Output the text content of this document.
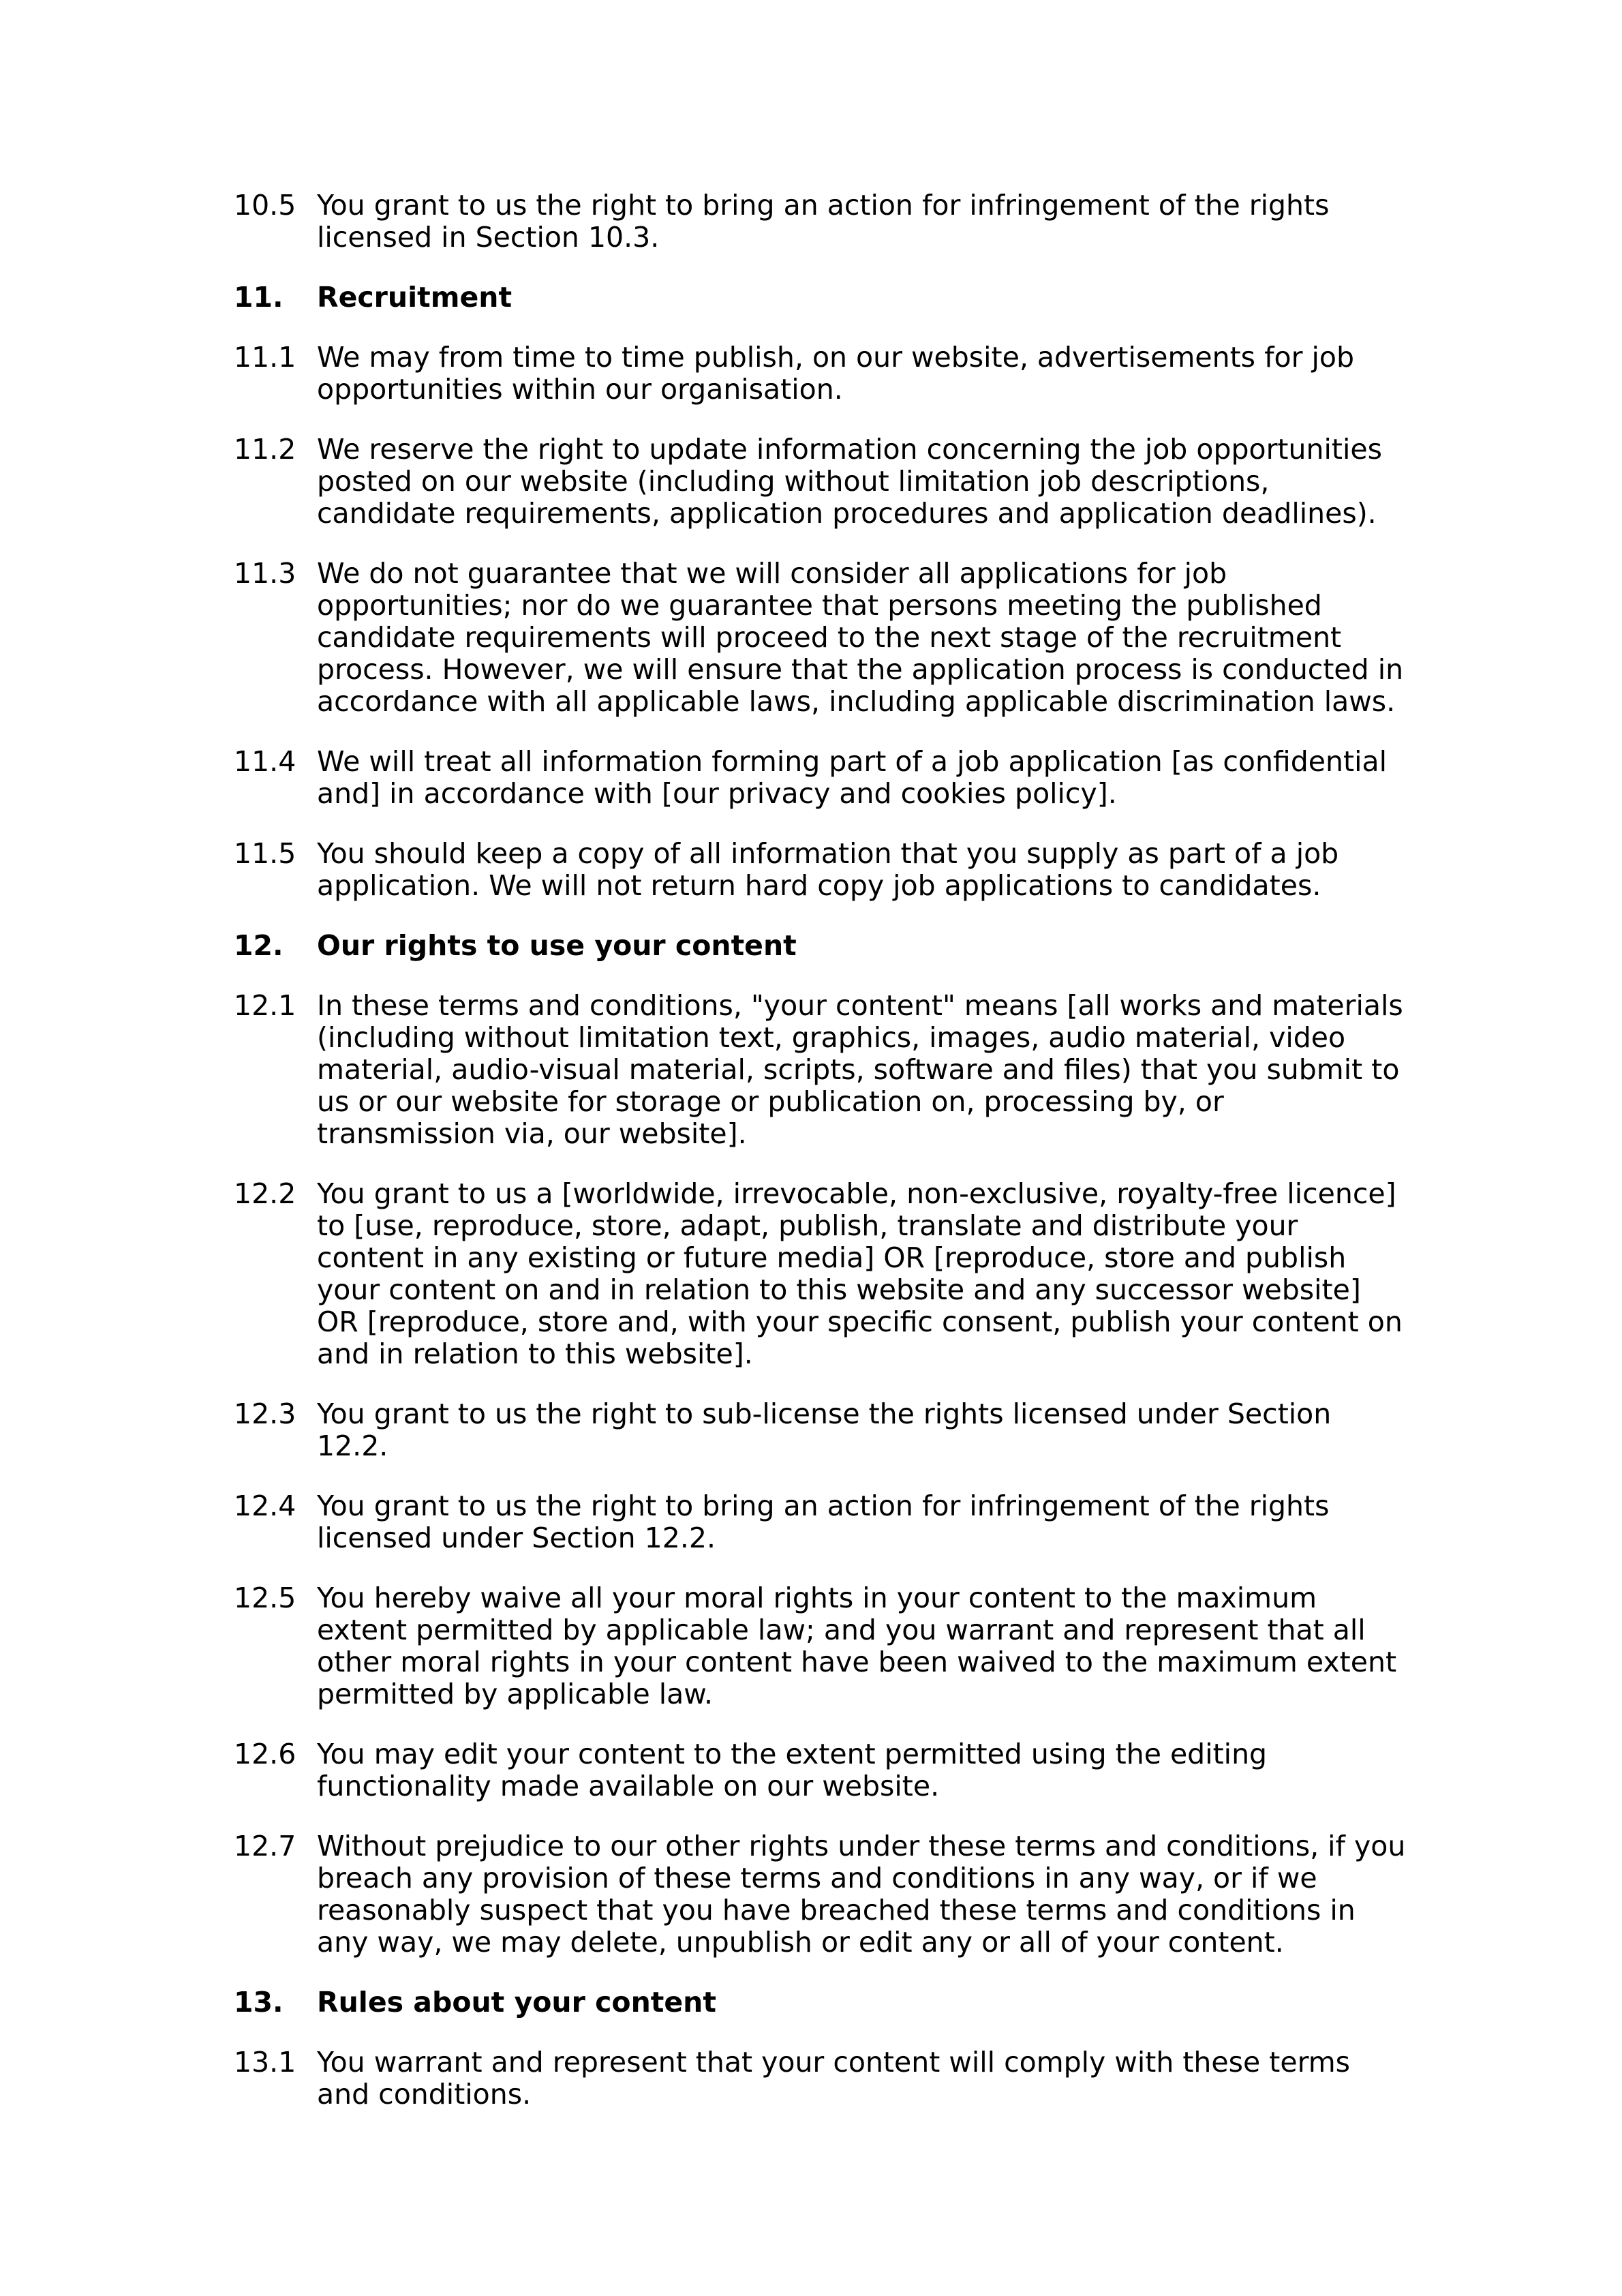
10.5 You grant to us the right to bring an action for infringement of the rights licensed in Section 10.3.
11.	Recruitment
11.1 We may from time to time publish, on our website, advertisements for job opportunities within our organisation.
11.2 We reserve the right to update information concerning the job opportunities posted on our website (including without limitation job descriptions, candidate requirements, application procedures and application deadlines).
11.3 We do not guarantee that we will consider all applications for job opportunities; nor do we guarantee that persons meeting the published candidate requirements will proceed to the next stage of the recruitment process. However, we will ensure that the application process is conducted in accordance with all applicable laws, including applicable discrimination laws.
11.4 We will treat all information forming part of a job application [as confidential and] in accordance with [our privacy and cookies policy].
11.5 You should keep a copy of all information that you supply as part of a job application. We will not return hard copy job applications to candidates.
12.	Our rights to use your content
12.1 In these terms and conditions, "your content" means [all works and materials (including without limitation text, graphics, images, audio material, video material, audio-visual material, scripts, software and files) that you submit to us or our website for storage or publication on, processing by, or transmission via, our website].
12.2 You grant to us a [worldwide, irrevocable, non-exclusive, royalty-free licence] to [use, reproduce, store, adapt, publish, translate and distribute your content in any existing or future media] OR [reproduce, store and publish your content on and in relation to this website and any successor website] OR [reproduce, store and, with your specific consent, publish your content on and in relation to this website].
12.3 You grant to us the right to sub-license the rights licensed under Section 12.2.
12.4 You grant to us the right to bring an action for infringement of the rights licensed under Section 12.2.
12.5 You hereby waive all your moral rights in your content to the maximum extent permitted by applicable law; and you warrant and represent that all other moral rights in your content have been waived to the maximum extent permitted by applicable law.
12.6 You may edit your content to the extent permitted using the editing functionality made available on our website.
12.7 Without prejudice to our other rights under these terms and conditions, if you breach any provision of these terms and conditions in any way, or if we reasonably suspect that you have breached these terms and conditions in any way, we may delete, unpublish or edit any or all of your content.
13.	Rules about your content
13.1 You warrant and represent that your content will comply with these terms and conditions.
